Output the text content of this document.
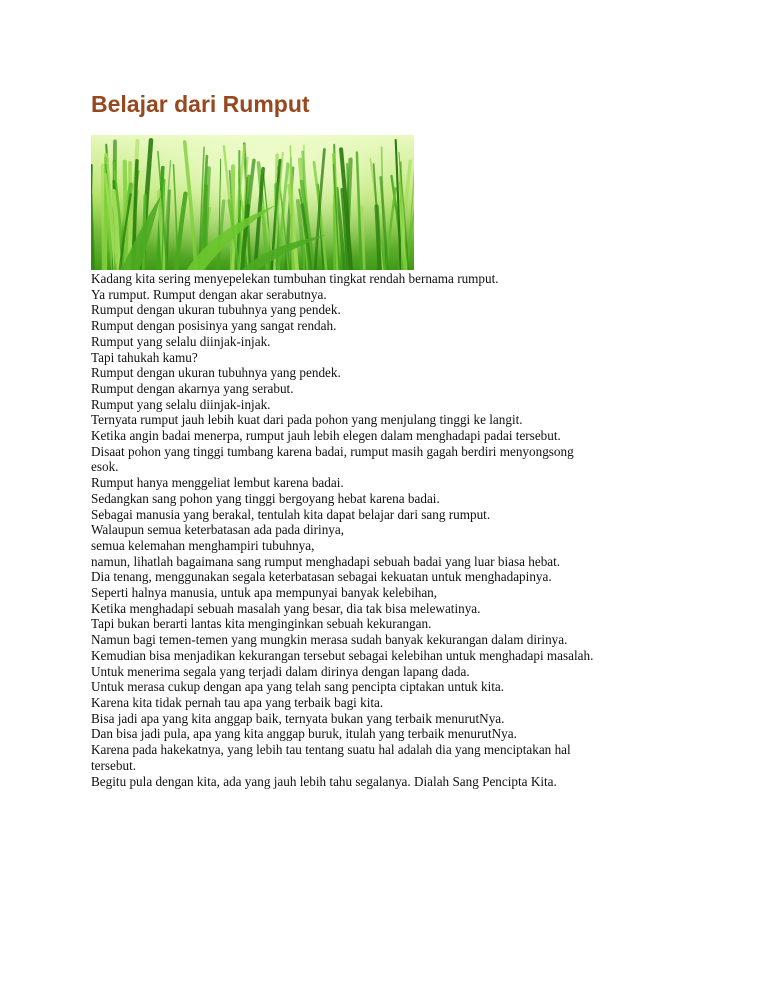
Belajar dari Rumput
Kadang kita sering menyepelekan tumbuhan tingkat rendah bernama rumput.
Ya rumput. Rumput dengan akar serabutnya.
Rumput dengan ukuran tubuhnya yang pendek.
Rumput dengan posisinya yang sangat rendah.
Rumput yang selalu diinjak-injak.
Tapi tahukah kamu?
Rumput dengan ukuran tubuhnya yang pendek.
Rumput dengan akarnya yang serabut.
Rumput yang selalu diinjak-injak.
Ternyata rumput jauh lebih kuat dari pada pohon yang menjulang tinggi ke langit.
Ketika angin badai menerpa, rumput jauh lebih elegen dalam menghadapi padai tersebut.
Disaat pohon yang tinggi tumbang karena badai, rumput masih gagah berdiri menyongsong
esok.
Rumput hanya menggeliat lembut karena badai.
Sedangkan sang pohon yang tinggi bergoyang hebat karena badai.
Sebagai manusia yang berakal, tentulah kita dapat belajar dari sang rumput.
Walaupun semua keterbatasan ada pada dirinya,
semua kelemahan menghampiri tubuhnya,
namun, lihatlah bagaimana sang rumput menghadapi sebuah badai yang luar biasa hebat.
Dia tenang, menggunakan segala keterbatasan sebagai kekuatan untuk menghadapinya.
Seperti halnya manusia, untuk apa mempunyai banyak kelebihan,
Ketika menghadapi sebuah masalah yang besar, dia tak bisa melewatinya.
Tapi bukan berarti lantas kita menginginkan sebuah kekurangan.
Namun bagi temen-temen yang mungkin merasa sudah banyak kekurangan dalam dirinya.
Kemudian bisa menjadikan kekurangan tersebut sebagai kelebihan untuk menghadapi masalah.
Untuk menerima segala yang terjadi dalam dirinya dengan lapang dada.
Untuk merasa cukup dengan apa yang telah sang pencipta ciptakan untuk kita.
Karena kita tidak pernah tau apa yang terbaik bagi kita.
Bisa jadi apa yang kita anggap baik, ternyata bukan yang terbaik menurutNya.
Dan bisa jadi pula, apa yang kita anggap buruk, itulah yang terbaik menurutNya.
Karena pada hakekatnya, yang lebih tau tentang suatu hal adalah dia yang menciptakan hal
tersebut.
Begitu pula dengan kita, ada yang jauh lebih tahu segalanya. Dialah Sang Pencipta Kita.
